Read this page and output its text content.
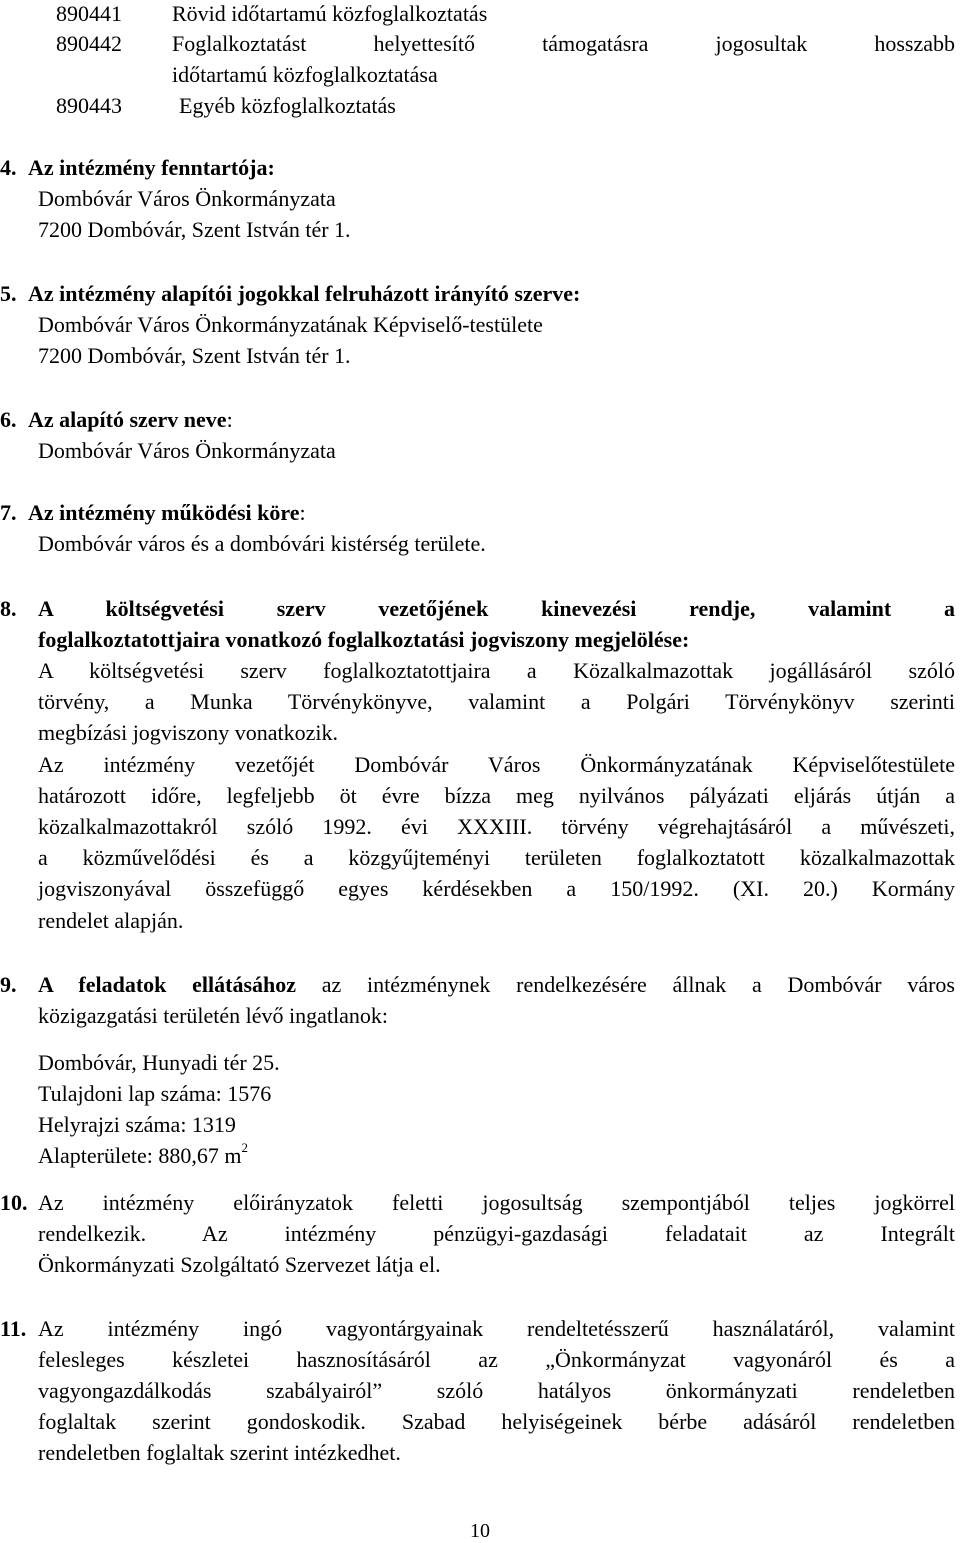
890441 Rövid időtartamú közfoglalkoztatás
890442 Foglalkoztatást helyettesítő támogatásra jogosultak hosszabb
időtartamú közfoglalkoztatása
890443	Egyéb közfoglalkoztatás
4. Az intézmény fenntartója:
Dombóvár Város Önkormányzata
7200 Dombóvár, Szent István tér 1.
5. Az intézmény alapítói jogokkal felruházott irányító szerve:
Dombóvár Város Önkormányzatának Képviselő-testülete
7200 Dombóvár, Szent István tér 1.
6. Az alapító szerv neve:
Dombóvár Város Önkormányzata
7. Az intézmény működési köre:
Dombóvár város és a dombóvári kistérség területe.
8. A költségvetési szerv vezetőjének kinevezési rendje, valamint a
foglalkoztatottjaira vonatkozó foglalkoztatási jogviszony megjelölése:
A költségvetési szerv foglalkoztatottjaira a Közalkalmazottak jogállásáról szóló
törvény, a Munka Törvénykönyve, valamint a Polgári Törvénykönyv szerinti
megbízási jogviszony vonatkozik.
Az intézmény vezetőjét Dombóvár Város Önkormányzatának Képviselőtestülete
határozott időre, legfeljebb öt évre bízza meg nyilvános pályázati eljárás útján a
közalkalmazottakról szóló 1992. évi XXXIII. törvény végrehajtásáról a művészeti,
a közművelődési és a közgyűjteményi területen foglalkoztatott közalkalmazottak
jogviszonyával összefüggő egyes kérdésekben a 150/1992. (XI. 20.) Kormány
rendelet alapján.
9. A feladatok ellátásához az intézménynek rendelkezésére állnak a Dombóvár város
közigazgatási területén lévő ingatlanok:
Dombóvár, Hunyadi tér 25.
Tulajdoni lap száma: 1576
Helyrajzi száma: 1319
Alapterülete: 880,67 $m^2$
10. Az intézmény előirányzatok feletti jogosultság szempontjából teljes jogkörrel
rendelkezik. Az intézmény pénzügyi-gazdasági feladatait az Integrált
Önkormányzati Szolgáltató Szervezet látja el.
11. Az intézmény ingó vagyontárgyainak rendeltetésszerű használatáról, valamint
felesleges készletei hasznosításáról az „Önkormányzat vagyonáról és a
vagyongazdálkodás szabályairól” szóló hatályos önkormányzati rendeletben
foglaltak szerint gondoskodik. Szabad helyiségeinek bérbe adásáról rendeletben
rendeletben foglaltak szerint intézkedhet.
10
